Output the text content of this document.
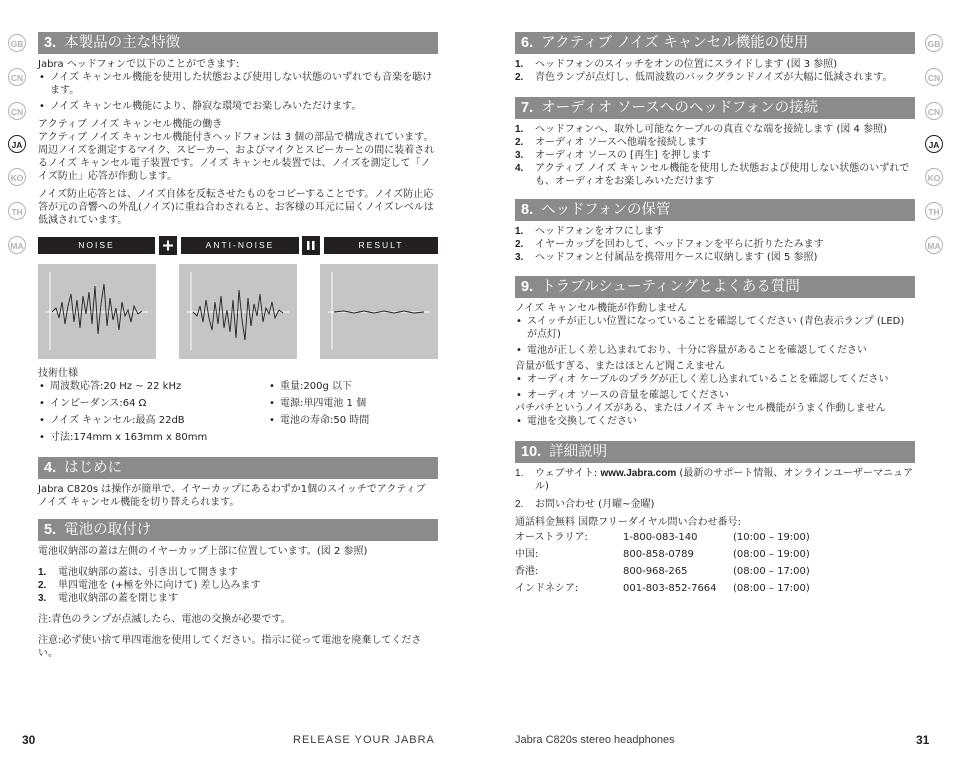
GB
CN
CN
JA
KO
TH
MA
GB
CN
CN
JA
KO
TH
MA
3. 本製品の主な特徴

Jabra ヘッドフォンで以下のことができます:

• ノイズ キャンセル機能を使用した状態および使用しない状態のいずれでも音楽を聴けます。

• ノイズ キャンセル機能により、静寂な環境でお楽しみいただけます。

アクティブ ノイズ キャンセル機能の働き

アクティブ ノイズ キャンセル機能付きヘッドフォンは 3 個の部品で構成されています。周辺ノイズを測定するマイク、スピーカー、およびマイクとスピーカーとの間に装着されるノイズ キャンセル電子装置です。ノイズ キャンセル装置では、ノイズを測定して「ノイズ防止」応答が作動します。

ノイズ防止応答とは、ノイズ自体を反転させたものをコピーすることです。ノイズ防止応答が元の音響への外乱(ノイズ)に重ね合わされると、お客様の耳元に届くノイズレベルは低減されています。

NOISE	ANTI-NOISE	RESULT

技術仕様

• 周波数応答:20 Hz ~ 22 kHz

• インピーダンス:64 Ω

• ノイズ キャンセル:最高 22dB

• 寸法:174mm x 163mm x 80mm

• 重量:200g 以下

• 電源:単四電池 1 個

• 電池の寿命:50 時間

4. はじめに

Jabra C820s は操作が簡単で、イヤーカップにあるわずか1個のスイッチでアクティブ ノイズ キャンセル機能を切り替えられます。

5. 電池の取付け

電池収納部の蓋は左側のイヤーカップ上部に位置しています。(図 2 参照)

1. 電池収納部の蓋は、引き出して開きます

2. 単四電池を (+極を外に向けて) 差し込みます

3. 電池収納部の蓋を閉じます

注:青色のランプが点滅したら、電池の交換が必要です。

注意:必ず使い捨て単四電池を使用してください。指示に従って電池を廃棄してください。

30	RELEASE YOUR JABRA
6. アクティブ ノイズ キャンセル機能の使用

1. ヘッドフォンのスイッチをオンの位置にスライドします (図 3 参照)

2. 青色ランプが点灯し、低周波数のバックグランドノイズが大幅に低減されます。

7. オーディオ ソースへのヘッドフォンの接続

1. ヘッドフォンへ、取外し可能なケーブルの真直ぐな端を接続します (図 4 参照)

2. オーディオ ソースへ他端を接続します

3. オーディオ ソースの [再生] を押します

4. アクティブ ノイズ キャンセル機能を使用した状態および使用しない状態のいずれでも、オーディオをお楽しみいただけます

8. ヘッドフォンの保管

1. ヘッドフォンをオフにします

2. イヤーカップを回わして、ヘッドフォンを平らに折りたたみます

3. ヘッドフォンと付属品を携帯用ケースに収納します (図 5 参照)

9. トラブルシューティングとよくある質問

ノイズ キャンセル機能が作動しません

• スイッチが正しい位置になっていることを確認してください (青色表示ランプ (LED) が点灯)

• 電池が正しく差し込まれており、十分に容量があることを確認してください

音量が低すぎる、またはほとんど聞こえません

• オーディオ ケーブルのプラグが正しく差し込まれていることを確認してください

• オーディオ ソースの音量を確認してください

パチパチというノイズがある、またはノイズ キャンセル機能がうまく作動しません

• 電池を交換してください

10. 詳細説明

1. ウェブサイト: www.Jabra.com (最新のサポート情報、オンラインユーザーマニュアル)

2. お問い合わせ (月曜~金曜)

通話料金無料 国際フリーダイヤル問い合わせ番号:

オーストラリア:	1-800-083-140	(10:00 – 19:00)
中国:	800-858-0789	(08:00 – 19:00)
香港:	800-968-265	(08:00 – 17:00)
インドネシア:	001-803-852-7664	(08:00 – 17:00)
Jabra C820s stereo headphones	31
